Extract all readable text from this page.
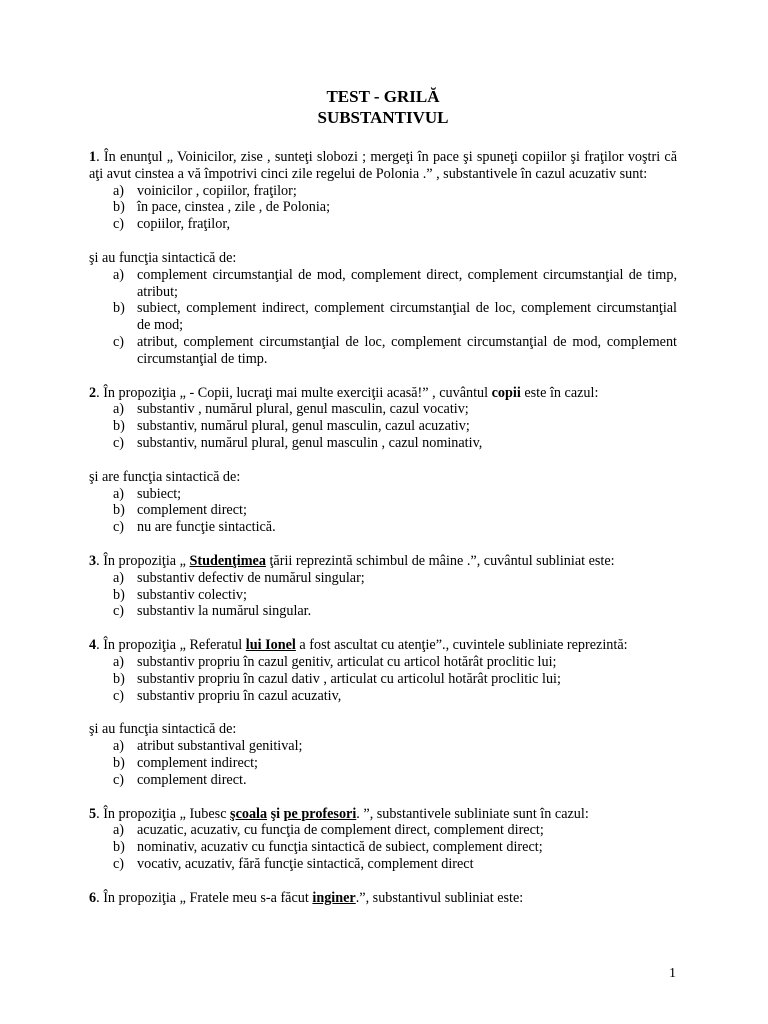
TEST - GRILĂ
SUBSTANTIVUL
1. În enunţul „ Voinicilor, zise , sunteţi slobozi ; mergeţi în pace şi spuneţi copiilor şi fraţilor voştri că aţi avut cinstea a vă împotrivi cinci zile regelui de Polonia .” , substantivele în cazul acuzativ sunt:
a) voinicilor , copiilor, fraţilor;
b) în pace, cinstea , zile , de Polonia;
c) copiilor, fraţilor,
şi au funcţia sintactică de:
a) complement circumstanţial de mod, complement direct, complement circumstanţial de timp, atribut;
b) subiect, complement indirect, complement circumstanţial de loc, complement circumstanţial de mod;
c) atribut, complement circumstanţial de loc, complement circumstanţial de mod, complement circumstanţial de timp.
2. În propoziţia „ - Copii, lucraţi mai multe exerciţii acasă!” , cuvântul copii este în cazul:
a) substantiv , numărul plural, genul masculin, cazul vocativ;
b) substantiv, numărul plural, genul masculin, cazul acuzativ;
c) substantiv, numărul plural, genul masculin , cazul nominativ,
şi are funcţia sintactică de:
a) subiect;
b) complement direct;
c) nu are funcţie sintactică.
3. În propoziţia „ Studenţimea ţării reprezintă schimbul de mâine .”, cuvântul subliniat este:
a) substantiv defectiv de numărul singular;
b) substantiv colectiv;
c) substantiv la numărul singular.
4. În propoziţia „ Referatul lui Ionel a fost ascultat cu atenţie”., cuvintele subliniate reprezintă:
a) substantiv propriu în cazul genitiv, articulat cu articol hotărât proclitic lui;
b) substantiv propriu în cazul dativ , articulat cu articolul hotărât proclitic lui;
c) substantiv propriu în cazul acuzativ,
şi au funcţia sintactică de:
a) atribut substantival genitival;
b) complement indirect;
c) complement direct.
5. În propoziţia „ Iubesc şcoala şi pe profesori. ”, substantivele subliniate sunt în cazul:
a) acuzatic, acuzativ, cu funcţia de complement direct, complement direct;
b) nominativ, acuzativ cu funcţia sintactică de subiect, complement direct;
c) vocativ, acuzativ, fără funcţie sintactică, complement direct
6. În propoziţia „ Fratele meu s-a făcut inginer.”, substantivul subliniat este:
1
